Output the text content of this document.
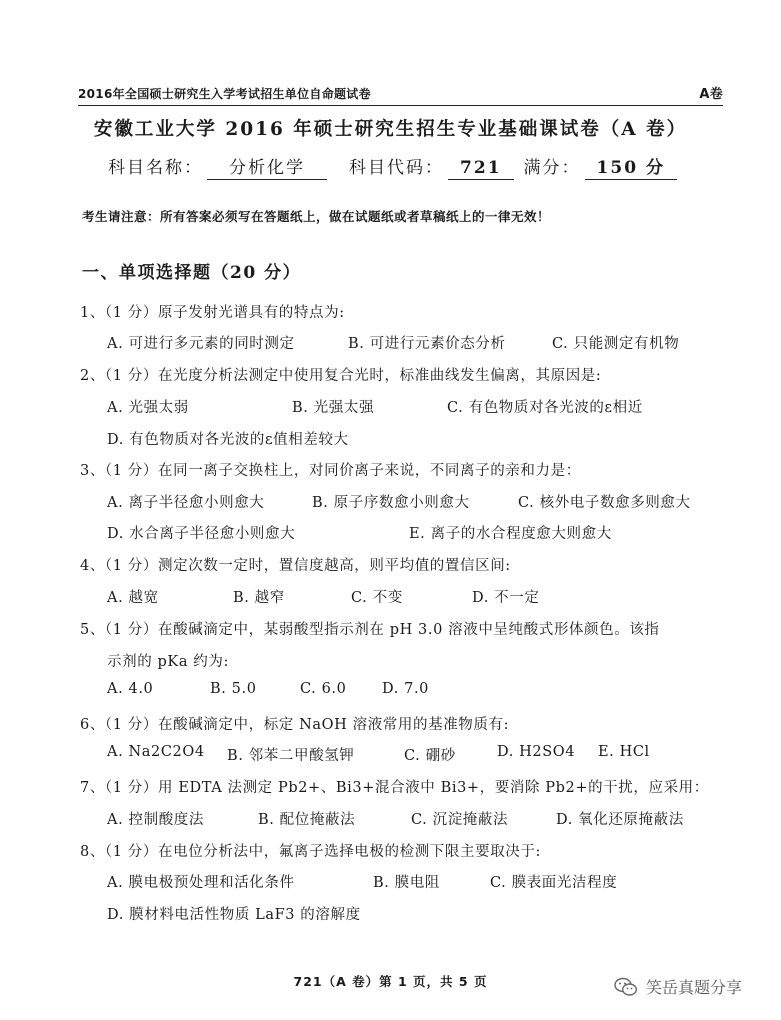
2016年全国硕士研究生入学考试招生单位自命题试卷	A卷
安徽工业大学 2016 年硕士研究生招生专业基础课试卷（A 卷）
科目名称： 分析化学	科目代码： 721 满分： 150 分
考生请注意：所有答案必须写在答题纸上，做在试题纸或者草稿纸上的一律无效！
一、单项选择题（20 分）
1、（1 分）原子发射光谱具有的特点为:
A. 可进行多元素的同时测定	B. 可进行元素价态分析	C. 只能测定有机物
2、（1 分）在光度分析法测定中使用复合光时，标准曲线发生偏离，其原因是:
A. 光强太弱	B. 光强太强	C. 有色物质对各光波的ε相近
D. 有色物质对各光波的ε值相差较大
3、（1 分）在同一离子交换柱上，对同价离子来说，不同离子的亲和力是：
A. 离子半径愈小则愈大	B. 原子序数愈小则愈大	C. 核外电子数愈多则愈大
D. 水合离子半径愈小则愈大	E. 离子的水合程度愈大则愈大
4、（1 分）测定次数一定时，置信度越高，则平均值的置信区间:
A. 越宽	B. 越窄	C. 不变	D. 不一定
5、（1 分）在酸碱滴定中，某弱酸型指示剂在 pH 3.0 溶液中呈纯酸式形体颜色。该指
示剂的 pKa 约为:
A. 4.0	B. 5.0	C. 6.0 D. 7.0
6、（1 分）在酸碱滴定中，标定 NaOH 溶液常用的基准物质有:
A. Na2C2O4 B. 邻苯二甲酸氢钾	C. 硼砂	D. H2SO4 E. HCl
7、（1 分）用 EDTA 法测定 Pb2+、Bi3+混合液中 Bi3+，要消除 Pb2+的干扰，应采用：
A. 控制酸度法	B. 配位掩蔽法	C. 沉淀掩蔽法	D. 氧化还原掩蔽法
8、（1 分）在电位分析法中，氟离子选择电极的检测下限主要取决于:
A. 膜电极预处理和活化条件	B. 膜电阻	C. 膜表面光洁程度
D. 膜材料电活性物质 LaF3 的溶解度
721（A 卷）第 1 页，共 5 页	笑岳真题分享
